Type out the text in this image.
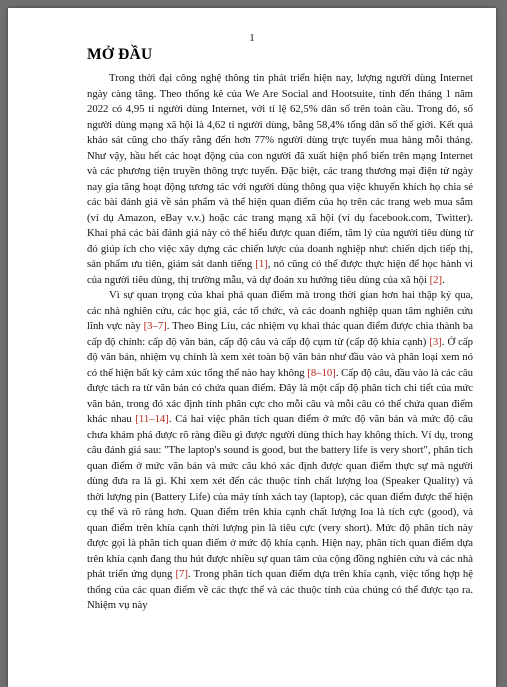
1
MỞ ĐẦU

Trong thời đại công nghệ thông tin phát triển hiện nay, lượng người dùng Internet ngày càng tăng. Theo thống kê của We Are Social and Hootsuite, tính đến tháng 1 năm 2022 có 4,95 tỉ người dùng Internet, với tỉ lệ 62,5% dân số trên toàn cầu. Trong đó, số người dùng mạng xã hội là 4,62 tỉ người dùng, bằng 58,4% tổng dân số thế giới. Kết quả khảo sát cũng cho thấy rằng đến hơn 77% người dùng trực tuyến mua hàng mỗi tháng. Như vậy, hầu hết các hoạt động của con người đã xuất hiện phổ biến trên mạng Internet và các phương tiện truyền thông trực tuyến. Đặc biệt, các trang thương mại điện tử ngày nay gia tăng hoạt động tương tác với người dùng thông qua việc khuyến khích họ chia sẻ các bài đánh giá về sản phẩm và thể hiện quan điểm của họ trên các trang web mua sắm (ví dụ Amazon, eBay v.v.) hoặc các trang mạng xã hội (ví dụ facebook.com, Twitter). Khai phá các bài đánh giá này có thể hiểu được quan điểm, tâm lý của người tiêu dùng từ đó giúp ích cho việc xây dựng các chiến lược của doanh nghiệp như: chiến dịch tiếp thị, sản phẩm ưu tiên, giám sát danh tiếng [1], nó cũng có thể được thực hiện để học hành vi của người tiêu dùng, thị trường mẫu, và dự đoán xu hướng tiêu dùng của xã hội [2].

Vì sự quan trọng của khai phá quan điểm mà trong thời gian hơn hai thập kỷ qua, các nhà nghiên cứu, các học giả, các tổ chức, và các doanh nghiệp quan tâm nghiên cứu lĩnh vực này [3–7]. Theo Bing Liu, các nhiệm vụ khai thác quan điểm được chia thành ba cấp độ chính: cấp độ văn bản, cấp độ câu và cấp độ cụm từ (cấp độ khía cạnh) [3]. Ở cấp độ văn bản, nhiệm vụ chính là xem xét toàn bộ văn bản như đầu vào và phân loại xem nó có thể hiện bất kỳ cảm xúc tổng thể nào hay không [8–10]. Cấp độ câu, đầu vào là các câu được tách ra từ văn bản có chứa quan điểm. Đây là một cấp độ phân tích chi tiết của mức văn bản, trong đó xác định tính phân cực cho mỗi câu và mỗi câu có thể chứa quan điểm khác nhau [11–14]. Cả hai việc phân tích quan điểm ở mức độ văn bản và mức độ câu chưa khám phá được rõ ràng điều gì được người dùng thích hay không thích. Ví dụ, trong câu đánh giá sau: "The laptop's sound is good, but the battery life is very short", phân tích quan điểm ở mức văn bản và mức câu khó xác định được quan điểm thực sự mà người dùng đưa ra là gì. Khi xem xét đến các thuộc tính chất lượng loa (Speaker Quality) và thời lượng pin (Battery Life) của máy tính xách tay (laptop), các quan điểm được thể hiện cụ thể và rõ ràng hơn. Quan điểm trên khía cạnh chất lượng loa là tích cực (good), và quan điểm trên khía cạnh thời lượng pin là tiêu cực (very short). Mức độ phân tích này được gọi là phân tích quan điểm ở mức độ khía cạnh. Hiện nay, phân tích quan điểm dựa trên khía cạnh đang thu hút được nhiều sự quan tâm của cộng đồng nghiên cứu và các nhà phát triển ứng dụng [7]. Trong phân tích quan điểm dựa trên khía cạnh, việc tổng hợp hệ thống của các quan điểm về các thực thể và các thuộc tính của chúng có thể được tạo ra. Nhiệm vụ này
